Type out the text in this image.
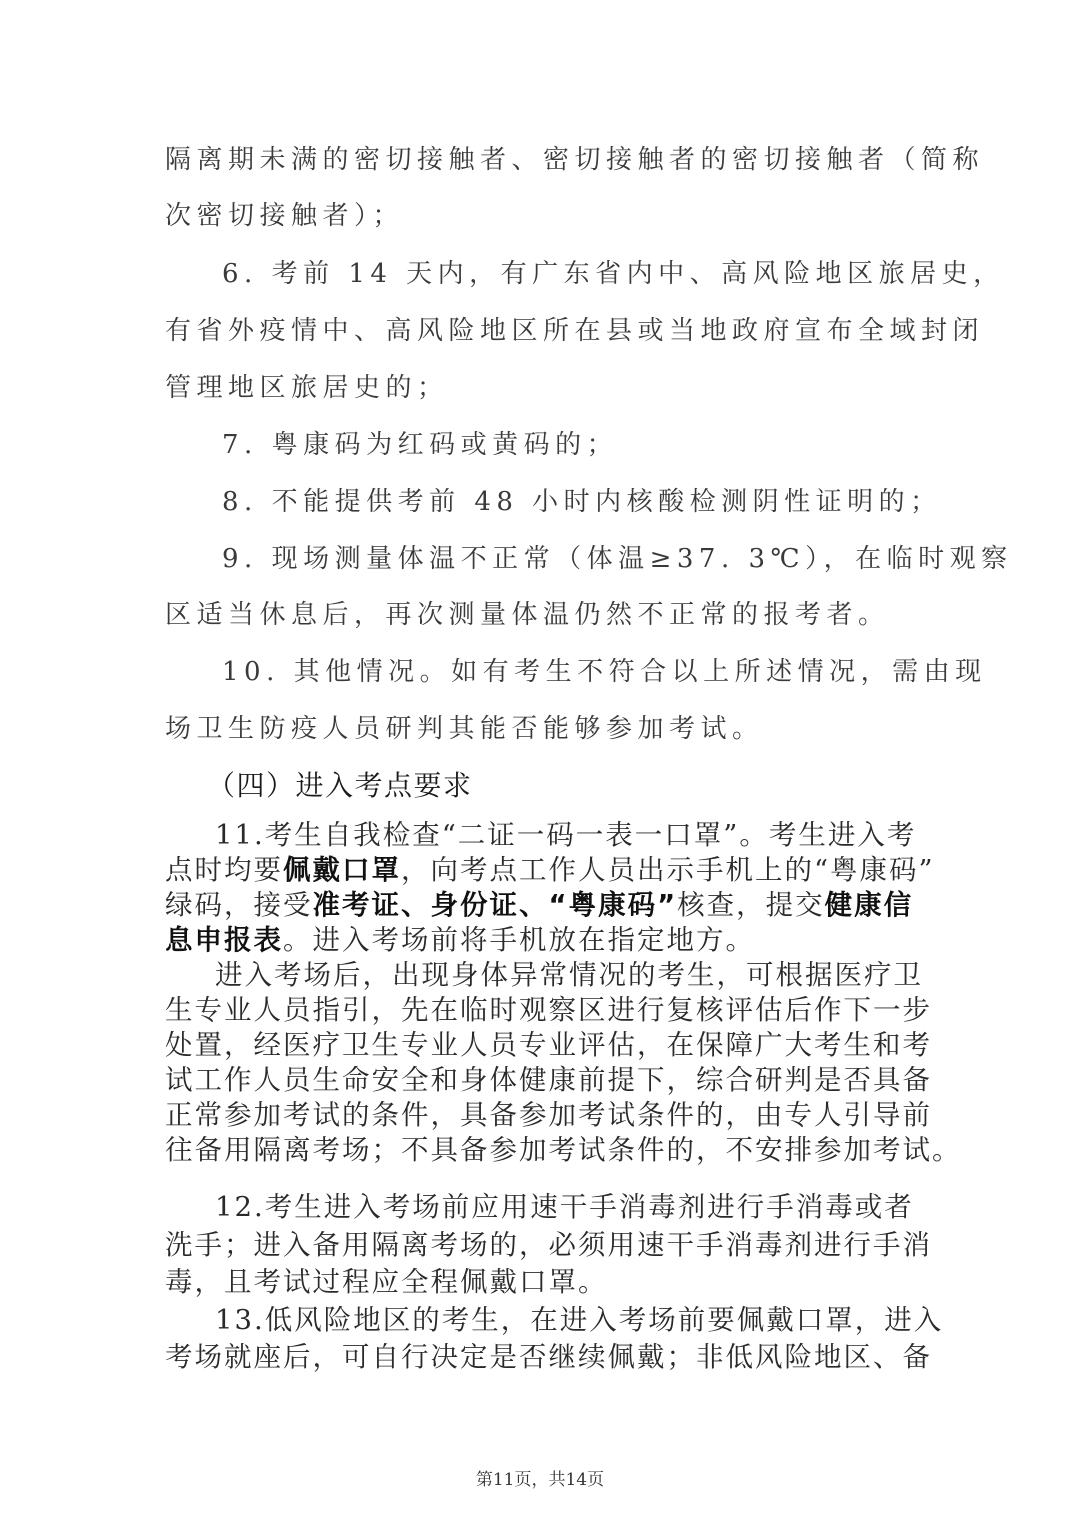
隔离期未满的密切接触者、密切接触者的密切接触者（简称
次密切接触者）；
6. 考前 14 天内，有广东省内中、高风险地区旅居史，
有省外疫情中、高风险地区所在县或当地政府宣布全域封闭
管理地区旅居史的；
7. 粤康码为红码或黄码的；
8. 不能提供考前 48 小时内核酸检测阴性证明的；
9. 现场测量体温不正常（体温≥37. 3℃），在临时观察
区适当休息后，再次测量体温仍然不正常的报考者。
10. 其他情况。如有考生不符合以上所述情况，需由现
场卫生防疫人员研判其能否能够参加考试。
（四）进入考点要求
11.考生自我检查“二证一码一表一口罩”。考生进入考
点时均要佩戴口罩，向考点工作人员出示手机上的“粤康码”
绿码，接受准考证、身份证、“粤康码”核查，提交健康信
息申报表。进入考场前将手机放在指定地方。
进入考场后，出现身体异常情况的考生，可根据医疗卫
生专业人员指引，先在临时观察区进行复核评估后作下一步
处置，经医疗卫生专业人员专业评估，在保障广大考生和考
试工作人员生命安全和身体健康前提下，综合研判是否具备
正常参加考试的条件，具备参加考试条件的，由专人引导前
往备用隔离考场；不具备参加考试条件的，不安排参加考试。
12.考生进入考场前应用速干手消毒剂进行手消毒或者
洗手；进入备用隔离考场的，必须用速干手消毒剂进行手消
毒，且考试过程应全程佩戴口罩。
13.低风险地区的考生，在进入考场前要佩戴口罩，进入
考场就座后，可自行决定是否继续佩戴；非低风险地区、备
第11页，共14页
